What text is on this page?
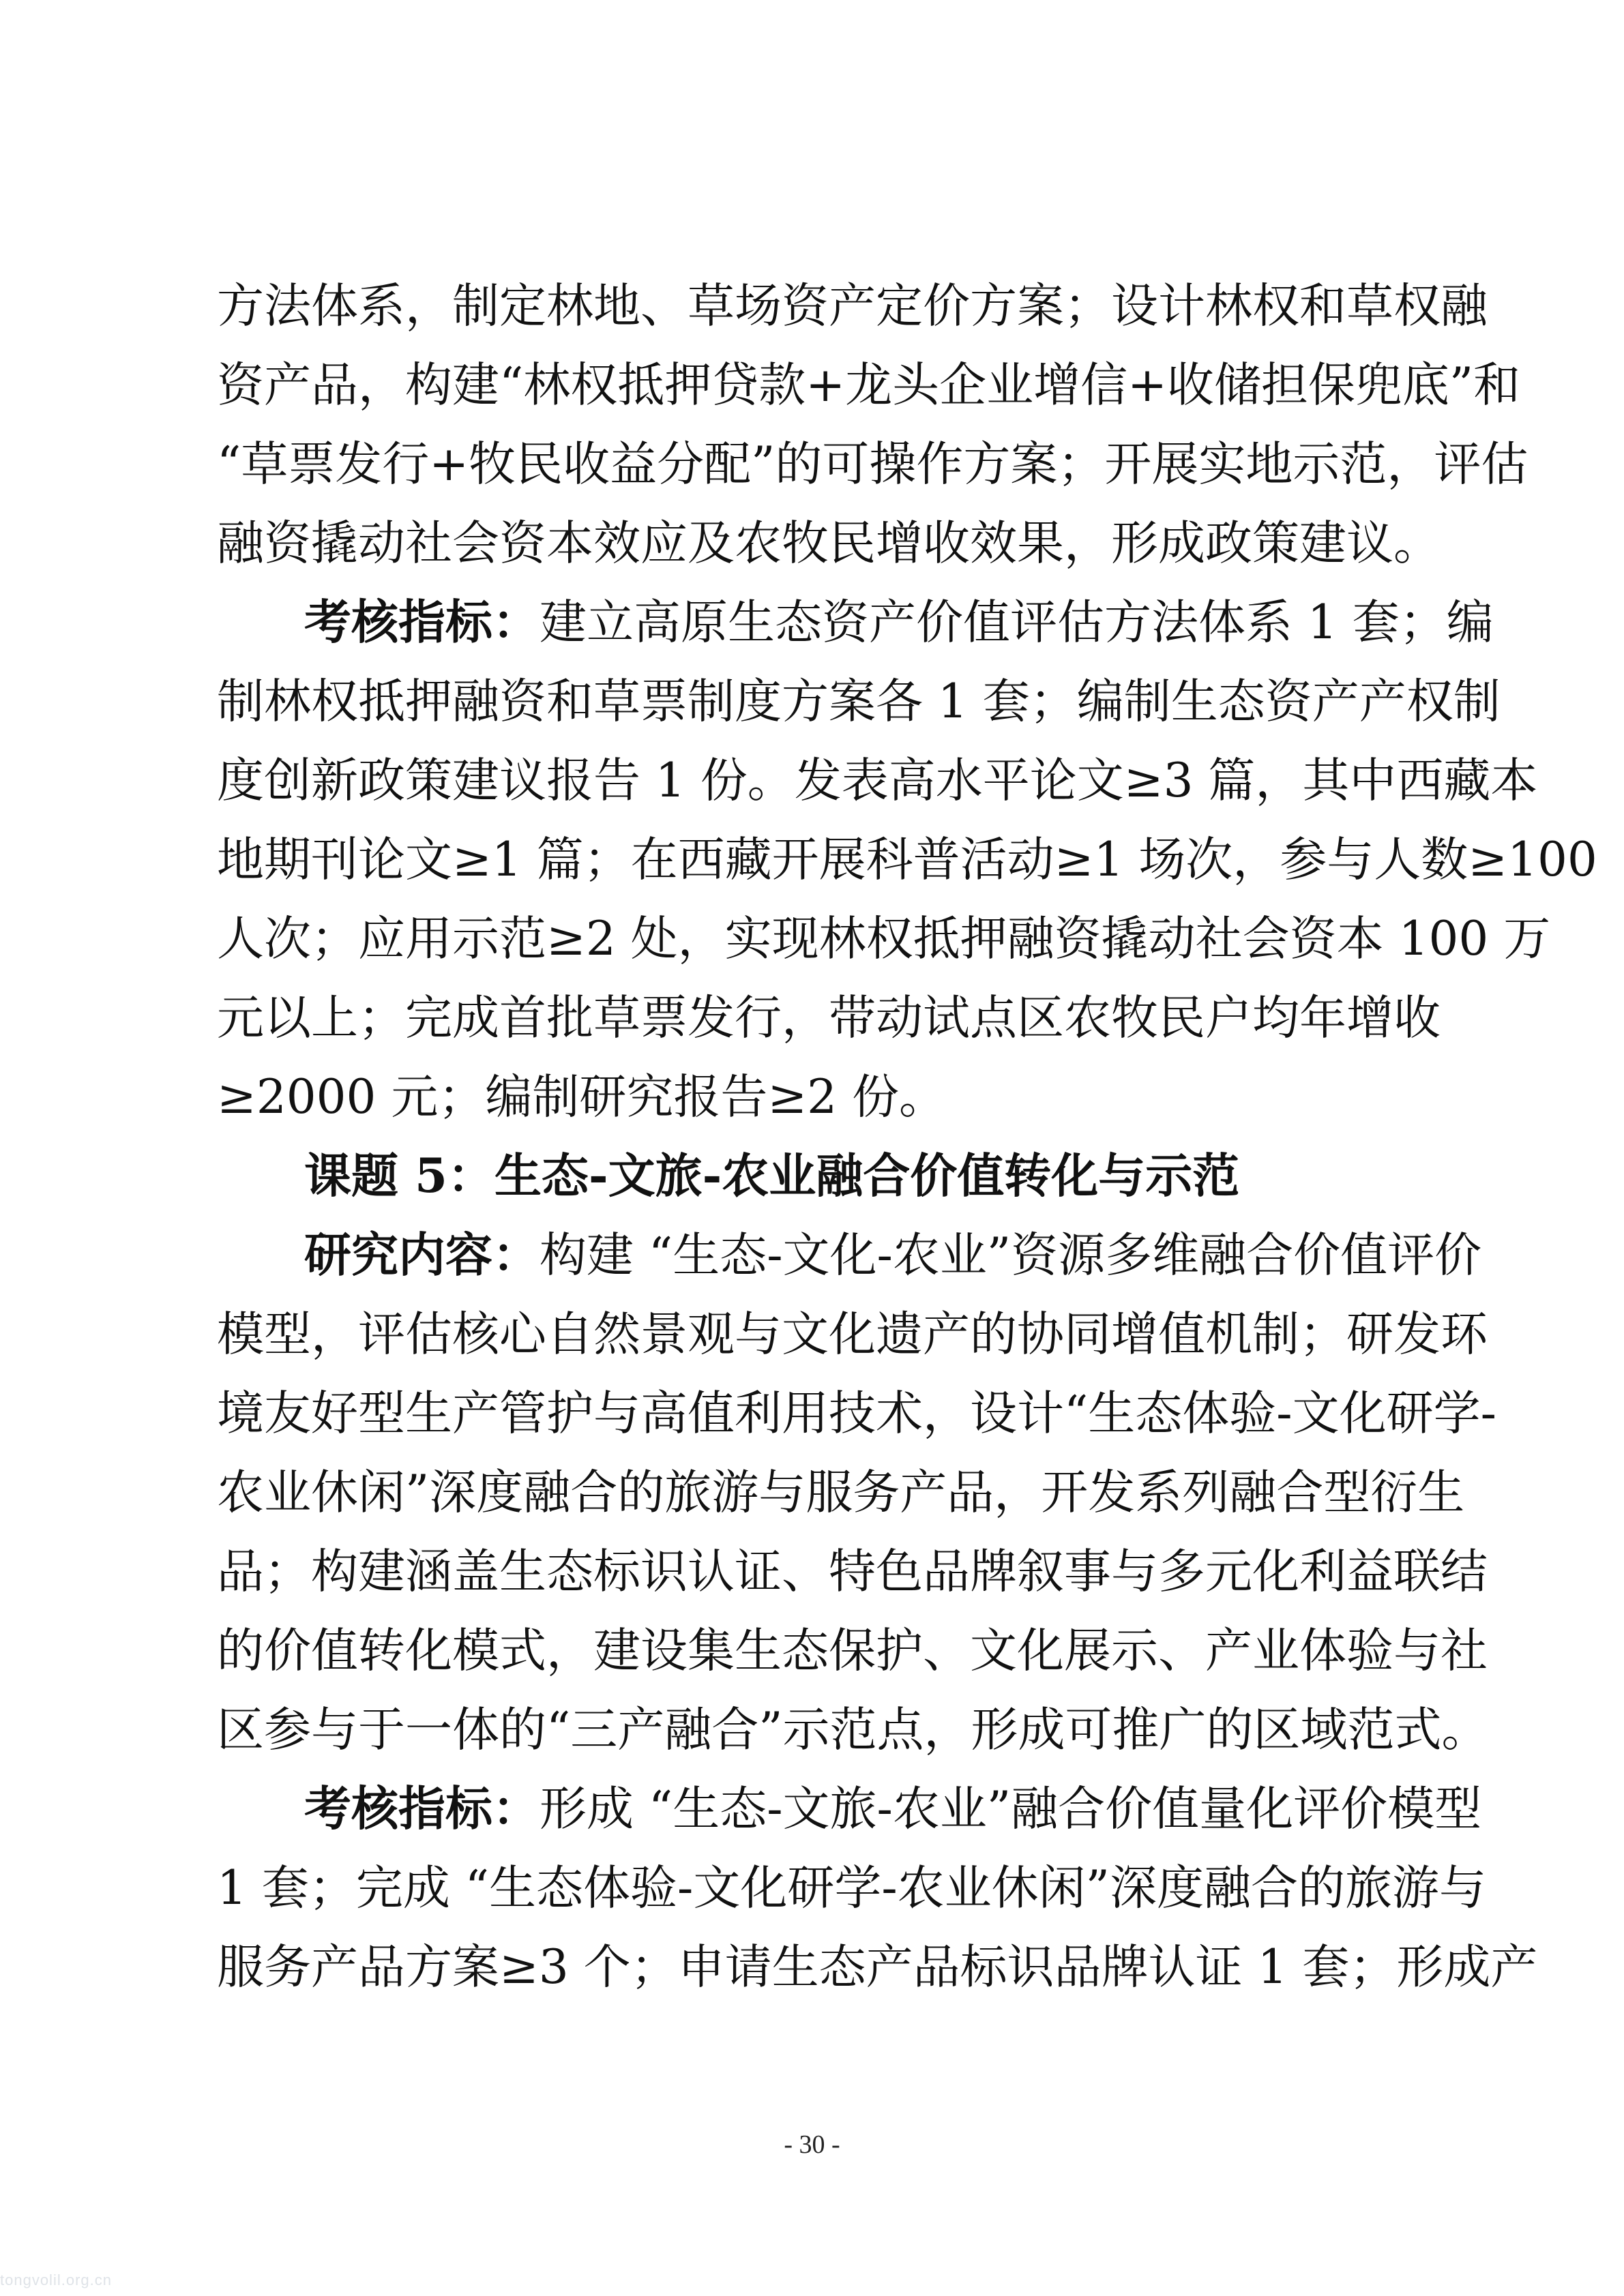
方法体系，制定林地、草场资产定价方案；设计林权和草权融
资产品，构建“林权抵押贷款+龙头企业增信+收储担保兜底”和
“草票发行+牧民收益分配”的可操作方案；开展实地示范，评估
融资撬动社会资本效应及农牧民增收效果，形成政策建议。
考核指标：建立高原生态资产价值评估方法体系 1 套；编
制林权抵押融资和草票制度方案各 1 套；编制生态资产产权制
度创新政策建议报告 1 份。发表高水平论文≥3 篇，其中西藏本
地期刊论文≥1 篇；在西藏开展科普活动≥1 场次，参与人数≥100
人次；应用示范≥2 处，实现林权抵押融资撬动社会资本 100 万
元以上；完成首批草票发行，带动试点区农牧民户均年增收
≥2000 元；编制研究报告≥2 份。
课题 5：生态-文旅-农业融合价值转化与示范
研究内容：构建 “生态-文化-农业”资源多维融合价值评价
模型，评估核心自然景观与文化遗产的协同增值机制；研发环
境友好型生产管护与高值利用技术，设计“生态体验-文化研学-
农业休闲”深度融合的旅游与服务产品，开发系列融合型衍生
品；构建涵盖生态标识认证、特色品牌叙事与多元化利益联结
的价值转化模式，建设集生态保护、文化展示、产业体验与社
区参与于一体的“三产融合”示范点，形成可推广的区域范式。
考核指标：形成 “生态-文旅-农业”融合价值量化评价模型
1 套；完成 “生态体验-文化研学-农业休闲”深度融合的旅游与
服务产品方案≥3 个；申请生态产品标识品牌认证 1 套；形成产
- 30 -
tongvolil.org.cn
